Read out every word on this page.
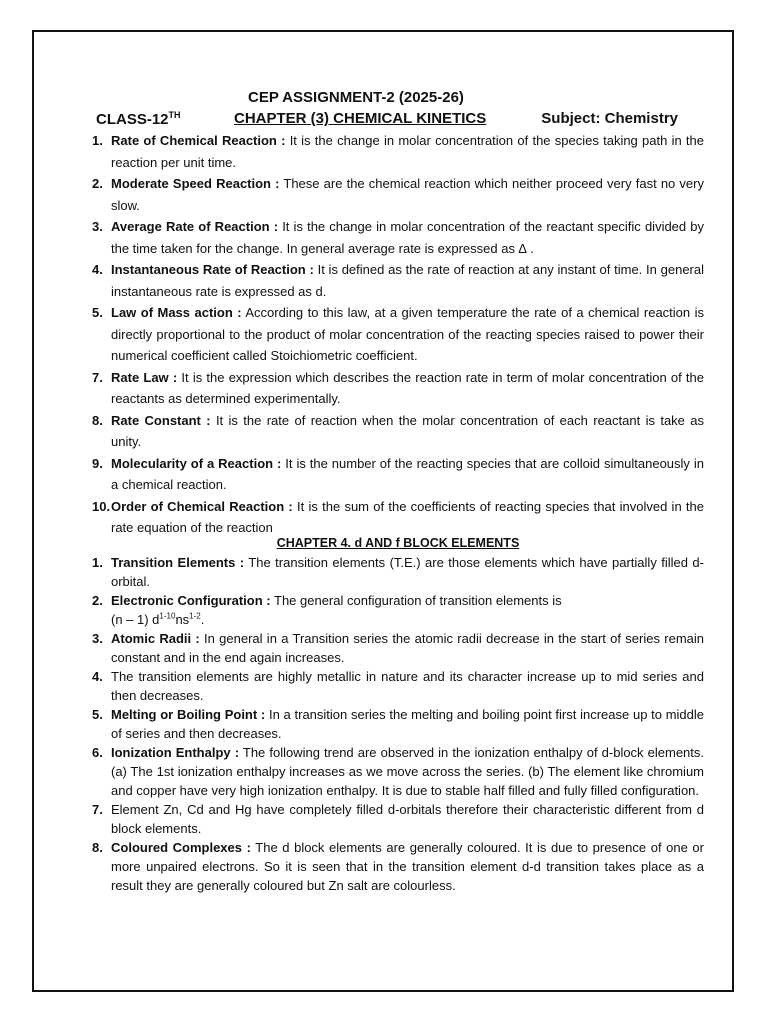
CEP ASSIGNMENT-2 (2025-26)
CLASS-12TH	CHAPTER (3) CHEMICAL KINETICS	Subject: Chemistry
1. Rate of Chemical Reaction : It is the change in molar concentration of the species taking path in the reaction per unit time.
2. Moderate Speed Reaction : These are the chemical reaction which neither proceed very fast no very slow.
3. Average Rate of Reaction : It is the change in molar concentration of the reactant specific divided by the time taken for the change. In general average rate is expressed as ∆ .
4. Instantaneous Rate of Reaction : It is defined as the rate of reaction at any instant of time. In general instantaneous rate is expressed as d.
5. Law of Mass action : According to this law, at a given temperature the rate of a chemical reaction is directly proportional to the product of molar concentration of the reacting species raised to power their numerical coefficient called Stoichiometric coefficient.
7. Rate Law : It is the expression which describes the reaction rate in term of molar concentration of the reactants as determined experimentally.
8. Rate Constant : It is the rate of reaction when the molar concentration of each reactant is take as unity.
9. Molecularity of a Reaction : It is the number of the reacting species that are colloid simultaneously in a chemical reaction.
10. Order of Chemical Reaction : It is the sum of the coefficients of reacting species that involved in the rate equation of the reaction
CHAPTER 4. d AND f BLOCK ELEMENTS
1. Transition Elements : The transition elements (T.E.) are those elements which have partially filled d-orbital.
2. Electronic Configuration : The general configuration of transition elements is
(n – 1) $d^{1-10}ns^{1-2}$.
3. Atomic Radii : In general in a Transition series the atomic radii decrease in the start of series remain constant and in the end again increases.
4. The transition elements are highly metallic in nature and its character increase up to mid series and then decreases.
5. Melting or Boiling Point : In a transition series the melting and boiling point first increase up to middle of series and then decreases.
6. Ionization Enthalpy : The following trend are observed in the ionization enthalpy of d-block elements. (a) The 1st ionization enthalpy increases as we move across the series. (b) The element like chromium and copper have very high ionization enthalpy. It is due to stable half filled and fully filled configuration.
7. Element Zn, Cd and Hg have completely filled d-orbitals therefore their characteristic different from d block elements.
8. Coloured Complexes : The d block elements are generally coloured. It is due to presence of one or more unpaired electrons. So it is seen that in the transition element d-d transition takes place as a result they are generally coloured but Zn salt are colourless.
